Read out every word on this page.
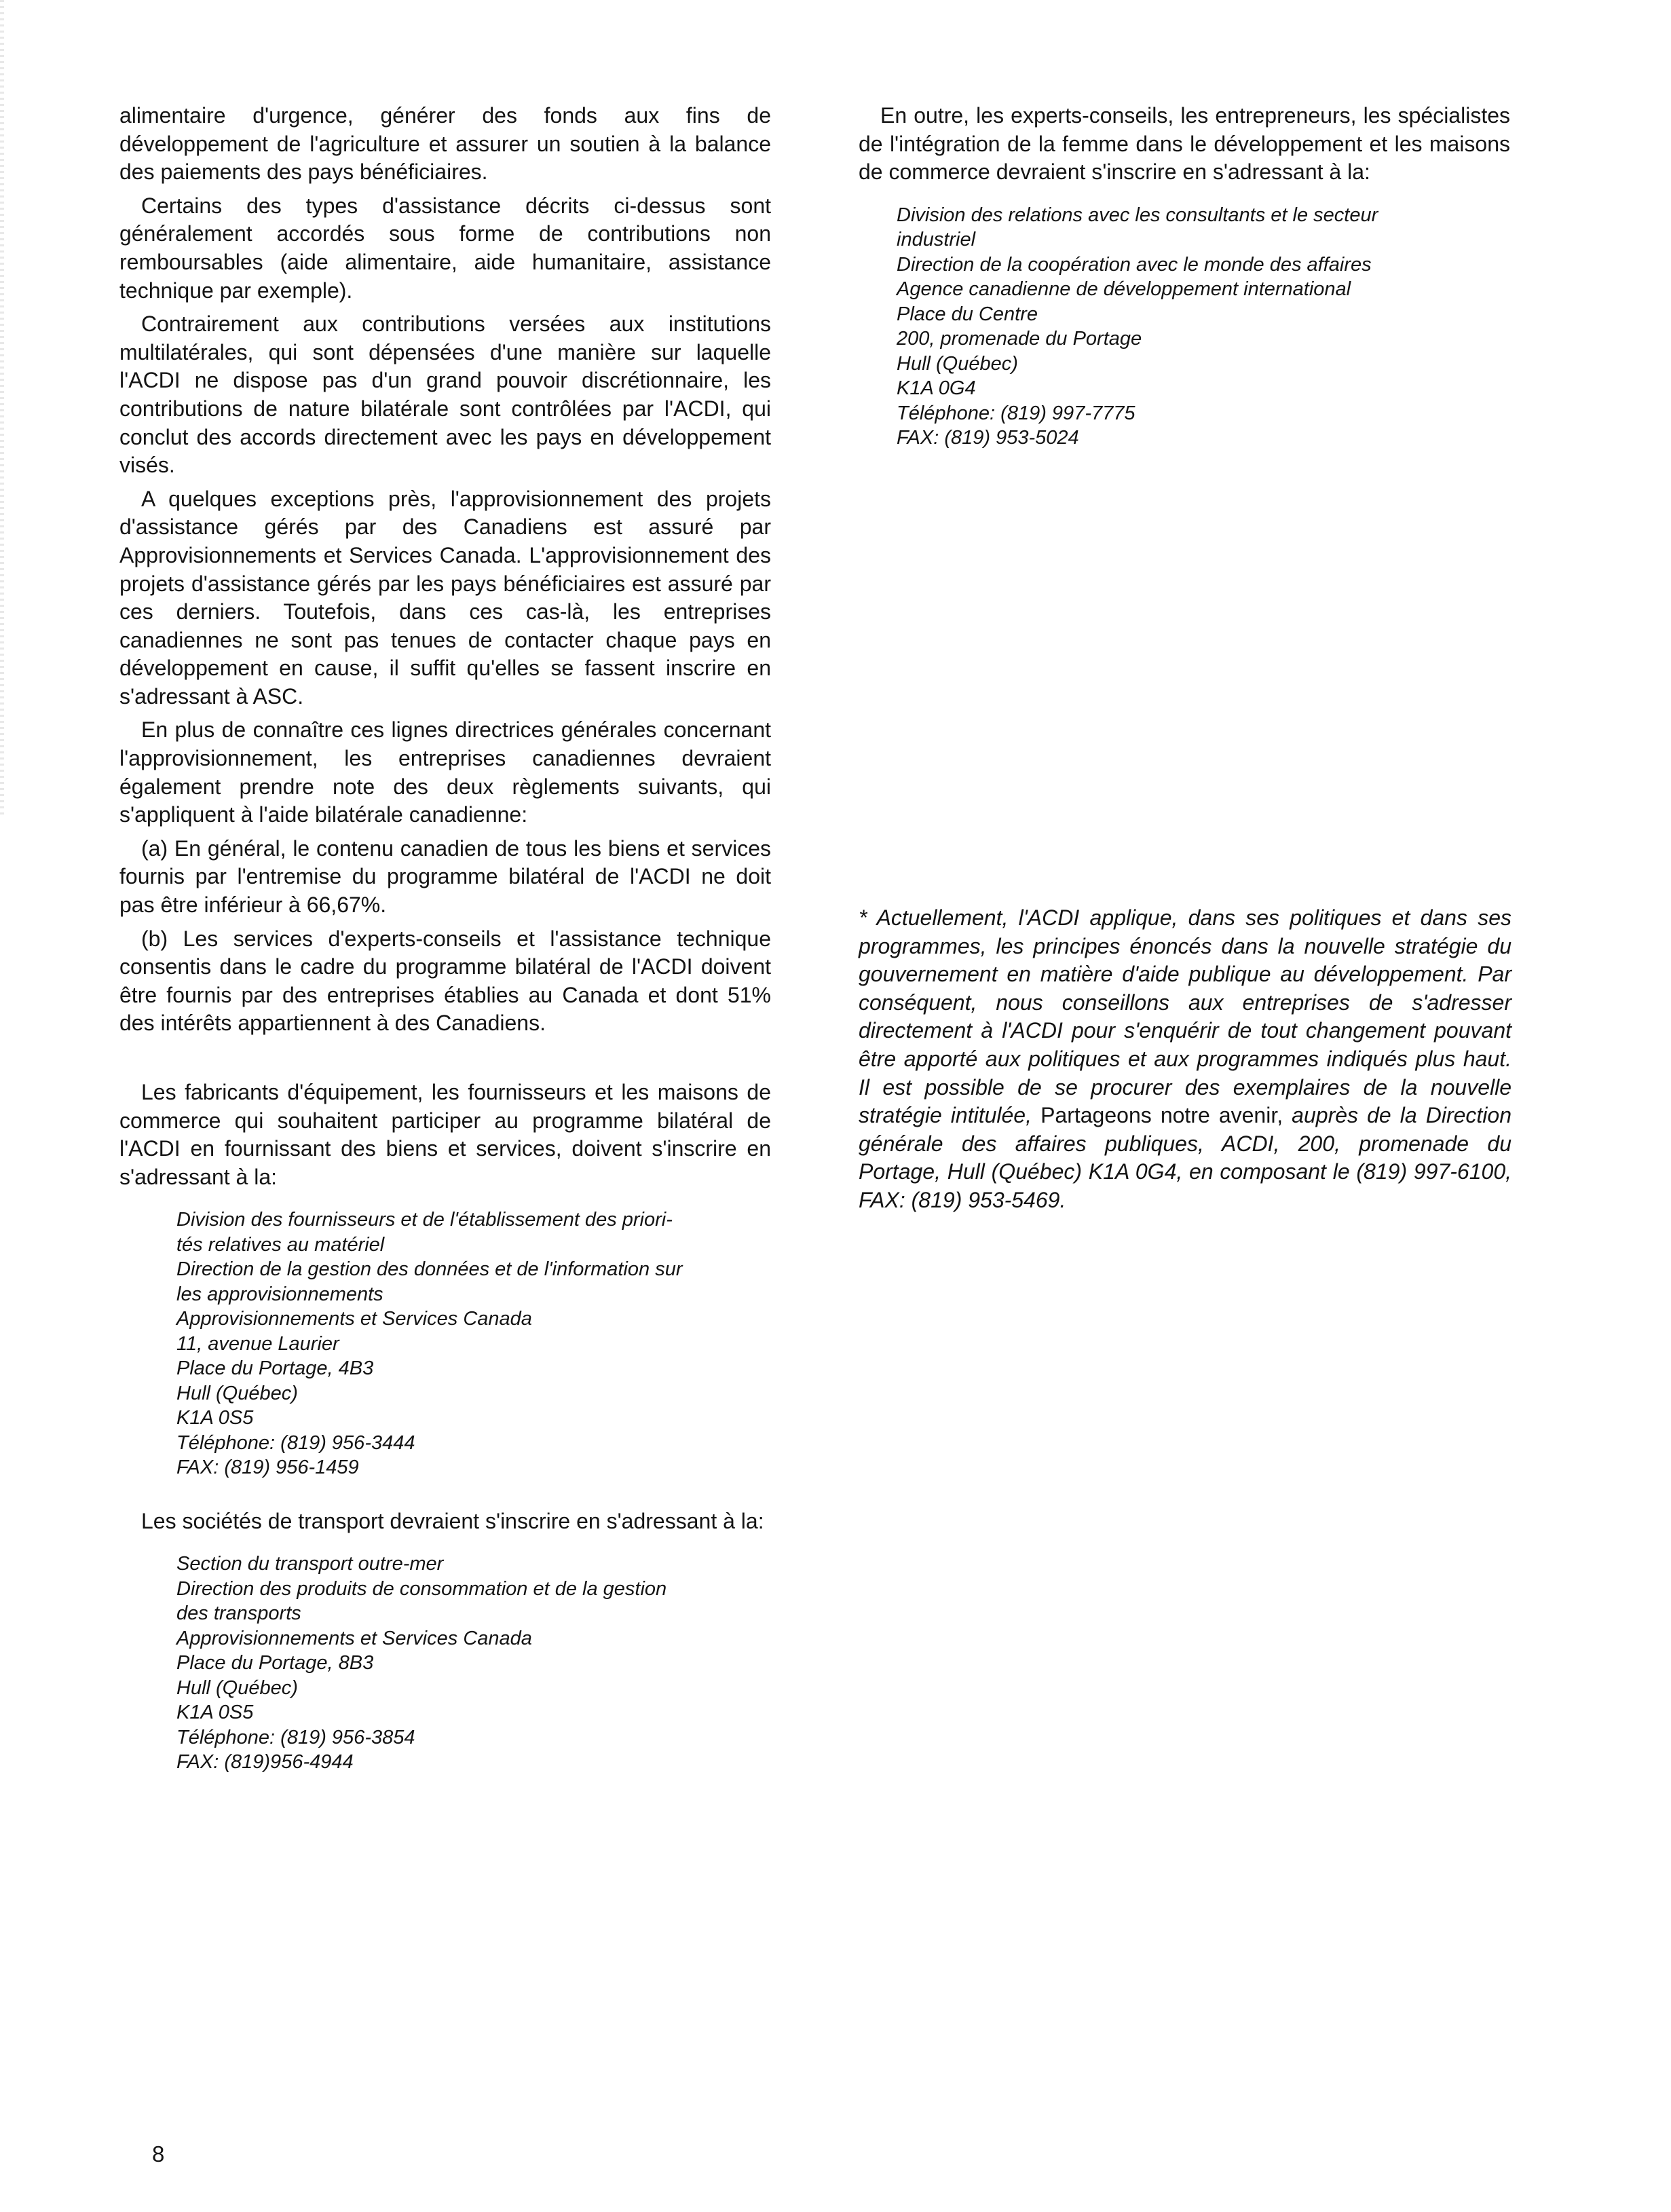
alimentaire d'urgence, générer des fonds aux fins de développement de l'agriculture et assurer un soutien à la balance des paiements des pays bénéficiaires.

Certains des types d'assistance décrits ci-dessus sont généralement accordés sous forme de contributions non remboursables (aide alimentaire, aide humanitaire, assistance technique par exemple).

Contrairement aux contributions versées aux institutions multilatérales, qui sont dépensées d'une manière sur laquelle l'ACDI ne dispose pas d'un grand pouvoir discrétionnaire, les contributions de nature bilatérale sont contrôlées par l'ACDI, qui conclut des accords directement avec les pays en développement visés.

A quelques exceptions près, l'approvisionnement des projets d'assistance gérés par des Canadiens est assuré par Approvisionnements et Services Canada. L'approvisionnement des projets d'assistance gérés par les pays bénéficiaires est assuré par ces derniers. Toutefois, dans ces cas-là, les entreprises canadiennes ne sont pas tenues de contacter chaque pays en développement en cause, il suffit qu'elles se fassent inscrire en s'adressant à ASC.

En plus de connaître ces lignes directrices générales concernant l'approvisionnement, les entreprises canadiennes devraient également prendre note des deux règlements suivants, qui s'appliquent à l'aide bilatérale canadienne:

(a) En général, le contenu canadien de tous les biens et services fournis par l'entremise du programme bilatéral de l'ACDI ne doit pas être inférieur à 66,67%.

(b) Les services d'experts-conseils et l'assistance technique consentis dans le cadre du programme bilatéral de l'ACDI doivent être fournis par des entreprises établies au Canada et dont 51% des intérêts appartiennent à des Canadiens.

Les fabricants d'équipement, les fournisseurs et les maisons de commerce qui souhaitent participer au programme bilatéral de l'ACDI en fournissant des biens et services, doivent s'inscrire en s'adressant à la:

Division des fournisseurs et de l'établissement des priori-
tés relatives au matériel
Direction de la gestion des données et de l'information sur
les approvisionnements
Approvisionnements et Services Canada
11, avenue Laurier
Place du Portage, 4B3
Hull (Québec)
K1A 0S5
Téléphone: (819) 956-3444
FAX: (819) 956-1459

Les sociétés de transport devraient s'inscrire en s'adressant à la:

Section du transport outre-mer
Direction des produits de consommation et de la gestion
des transports
Approvisionnements et Services Canada
Place du Portage, 8B3
Hull (Québec)
K1A 0S5
Téléphone: (819) 956-3854
FAX: (819)956-4944

En outre, les experts-conseils, les entrepreneurs, les spécialistes de l'intégration de la femme dans le développement et les maisons de commerce devraient s'inscrire en s'adressant à la:

Division des relations avec les consultants et le secteur
industriel
Direction de la coopération avec le monde des affaires
Agence canadienne de développement international
Place du Centre
200, promenade du Portage
Hull (Québec)
K1A 0G4
Téléphone: (819) 997-7775
FAX: (819) 953-5024
* Actuellement, l'ACDI applique, dans ses politiques et dans ses programmes, les principes énoncés dans la nouvelle stratégie du gouvernement en matière d'aide publique au développement. Par conséquent, nous conseillons aux entreprises de s'adresser directement à l'ACDI pour s'enquérir de tout changement pouvant être apporté aux politiques et aux programmes indiqués plus haut. Il est possible de se procurer des exemplaires de la nouvelle stratégie intitulée, Partageons notre avenir, auprès de la Direction générale des affaires publiques, ACDI, 200, promenade du Portage, Hull (Québec) K1A 0G4, en composant le (819) 997-6100, FAX: (819) 953-5469.
8
